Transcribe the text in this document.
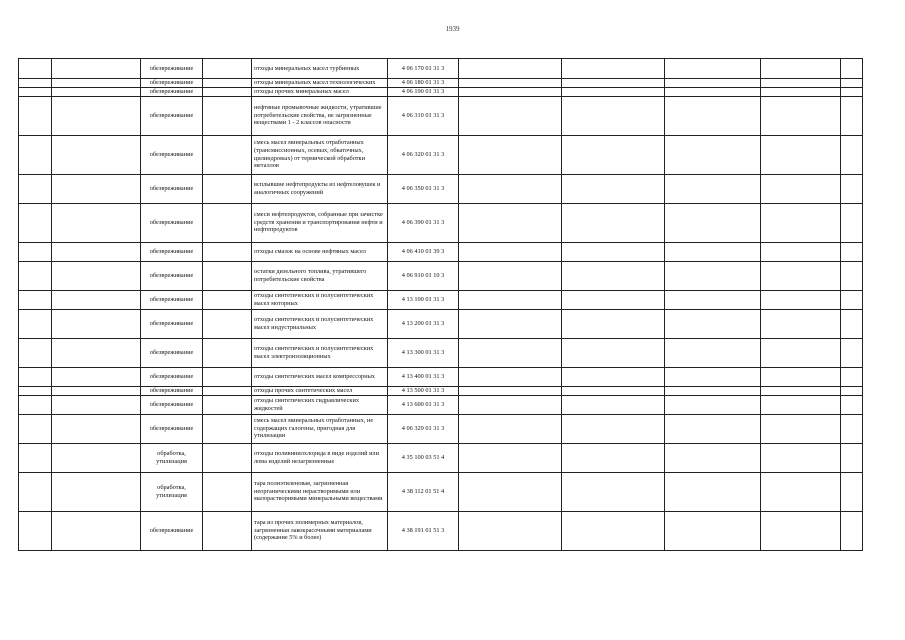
1939
		обезвреживание		отходы минеральных масел турбинных	4 06 170 01 31 3					
		обезвреживание		отходы минеральных масел технологических	4 06 180 01 31 3					
		обезвреживание		отходы прочих минеральных масел	4 06 190 01 31 3					
		обезвреживание		нефтяные промывочные жидкости, утратившие потребительские свойства, не загрязненные веществами 1 - 2 классов опасности	4 06 310 01 31 3					
		обезвреживание		смесь масел минеральных отработанных (трансмиссионных, осевых, обкаточных, цилиндровых) от термической обработки металлов	4 06 320 01 31 3					
		обезвреживание		всплывшие нефтепродукты из нефтеловушек и аналогичных сооружений	4 06 350 01 31 3					
		обезвреживание		смеси нефтепродуктов, собранные при зачистке средств хранения и транспортирования нефти и нефтепродуктов	4 06 390 01 31 3					
		обезвреживание		отходы смазок на основе нефтяных масел	4 06 410 01 39 3					
		обезвреживание		остатки дизельного топлива, утратившего потребительские свойства	4 06 910 01 10 3					
		обезвреживание		отходы синтетических и полусинтетических масел моторных	4 13 100 01 31 3					
		обезвреживание		отходы синтетических и полусинтетических масел индустриальных	4 13 200 01 31 3					
		обезвреживание		отходы синтетических и полусинтетических масел электроизоляционных	4 13 300 01 31 3					
		обезвреживание		отходы синтетических масел компрессорных	4 13 400 01 31 3					
		обезвреживание		отходы прочих синтетических масел	4 13 500 01 31 3					
		обезвреживание		отходы синтетических гидравлических жидкостей	4 13 600 01 31 3					
		обезвреживание		смесь масел минеральных отработанных, не содержащих галогены, пригодная для утилизации	4 06 329 01 31 3					
		обработка, утилизация		отходы поливинилхлорида в виде изделий или лома изделий незагрязненные	4 35 100 03 51 4					
		обработка, утилизация		тара полиэтиленовая, загрязненная неорганическими нерастворимыми или малорастворимыми минеральными веществами	4 38 112 01 51 4					
		обезвреживание		тара из прочих полимерных материалов, загрязненная лакокрасочными материалами (содержание 5% и более)	4 38 191 01 51 3					
